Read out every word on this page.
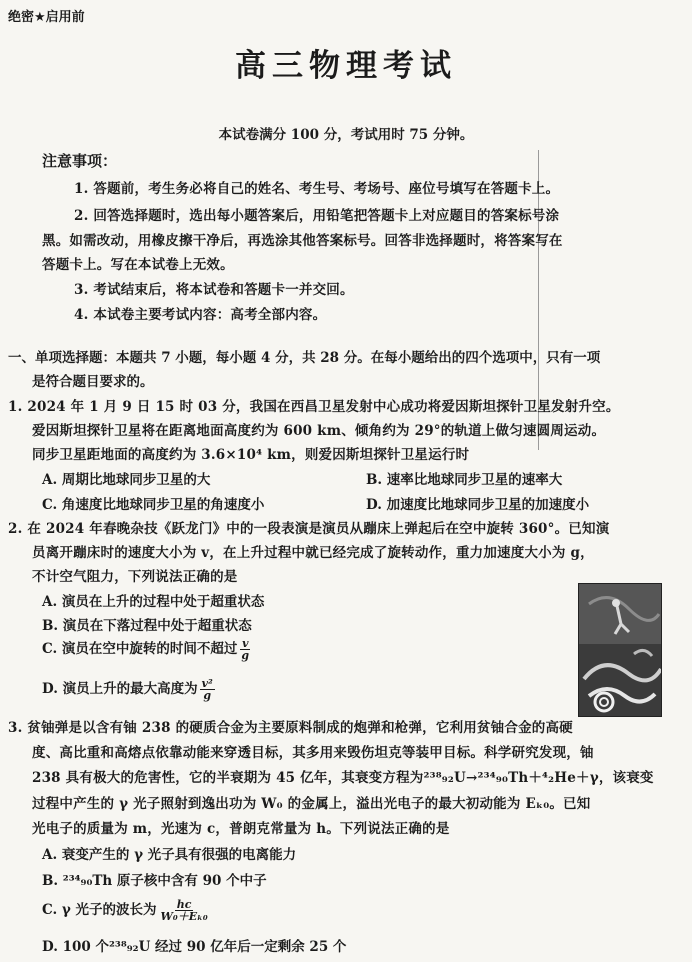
绝密★启用前
高三物理考试
本试卷满分 100 分，考试用时 75 分钟。
注意事项：
1. 答题前，考生务必将自己的姓名、考生号、考场号、座位号填写在答题卡上。
2. 回答选择题时，选出每小题答案后，用铅笔把答题卡上对应题目的答案标号涂
黑。如需改动，用橡皮擦干净后，再选涂其他答案标号。回答非选择题时，将答案写在
答题卡上。写在本试卷上无效。
3. 考试结束后，将本试卷和答题卡一并交回。
4. 本试卷主要考试内容：高考全部内容。
一、单项选择题：本题共 7 小题，每小题 4 分，共 28 分。在每小题给出的四个选项中，只有一项
是符合题目要求的。
1. 2024 年 1 月 9 日 15 时 03 分，我国在西昌卫星发射中心成功将爱因斯坦探针卫星发射升空。
爱因斯坦探针卫星将在距离地面高度约为 600 km、倾角约为 29°的轨道上做匀速圆周运动。
同步卫星距地面的高度约为 3.6×10⁴ km，则爱因斯坦探针卫星运行时
A. 周期比地球同步卫星的大	B. 速率比地球同步卫星的速率大
C. 角速度比地球同步卫星的角速度小	D. 加速度比地球同步卫星的加速度小
2. 在 2024 年春晚杂技《跃龙门》中的一段表演是演员从蹦床上弹起后在空中旋转 360°。已知演
员离开蹦床时的速度大小为 v，在上升过程中就已经完成了旋转动作，重力加速度大小为 g，
不计空气阻力，下列说法正确的是
A. 演员在上升的过程中处于超重状态
B. 演员在下落过程中处于超重状态
C. 演员在空中旋转的时间不超过 $\frac{v}{g}$
D. 演员上升的最大高度为 $\frac{\text{v²}}{g}$
3. 贫铀弹是以含有铀 238 的硬质合金为主要原料制成的炮弹和枪弹，它利用贫铀合金的高硬
度、高比重和高熔点依靠动能来穿透目标，其多用来毁伤坦克等装甲目标。科学研究发现，铀
238 具有极大的危害性，它的半衰期为 45 亿年，其衰变方程为²³⁸₉₂U→²³⁴₉₀Th＋⁴₂He＋γ，该衰变
过程中产生的 γ 光子照射到逸出功为 W₀ 的金属上，溢出光电子的最大初动能为 Eₖ₀。已知
光电子的质量为 m，光速为 c，普朗克常量为 h。下列说法正确的是
A. 衰变产生的 γ 光子具有很强的电离能力
B. ²³⁴₉₀Th 原子核中含有 90 个中子
C. γ 光子的波长为 $\frac{hc}{\text{W₀＋Eₖ₀}}$
D. 100 个²³⁸₉₂U 经过 90 亿年后一定剩余 25 个
